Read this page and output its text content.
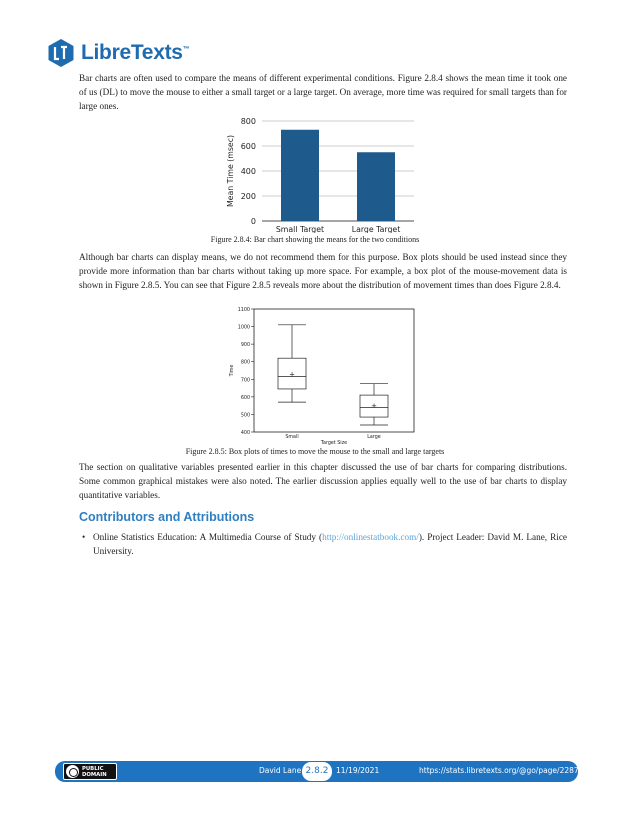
LibreTexts™

Bar charts are often used to compare the means of different experimental conditions. Figure 2.8.4 shows the mean time it took one of us (DL) to move the mouse to either a small target or a large target. On average, more time was required for small targets than for large ones.

0
200
400
600
800
Small Target	Large Target
Mean Time (msec)
Figure 2.8.4: Bar chart showing the means for the two conditions

Although bar charts can display means, we do not recommend them for this purpose. Box plots should be used instead since they provide more information than bar charts without taking up more space. For example, a box plot of the mouse-movement data is shown in Figure 2.8.5. You can see that Figure 2.8.5 reveals more about the distribution of movement times than does Figure 2.8.4.

400
500
600
700
800
900
1000
1100
+
Small
+
Large
Target Size
Time
Figure 2.8.5: Box plots of times to move the mouse to the small and large targets

The section on qualitative variables presented earlier in this chapter discussed the use of bar charts for comparing distributions. Some common graphical mistakes were also noted. The earlier discussion applies equally well to the use of bar charts to display quantitative variables.

Contributors and Attributions
• Online Statistics Education: A Multimedia Course of Study (http://onlinestatbook.com/). Project Leader: David M. Lane, Rice University.
PUBLIC
DOMAIN	David Lane 2.8.2	11/19/2021	https://stats.libretexts.org/@go/page/2287
